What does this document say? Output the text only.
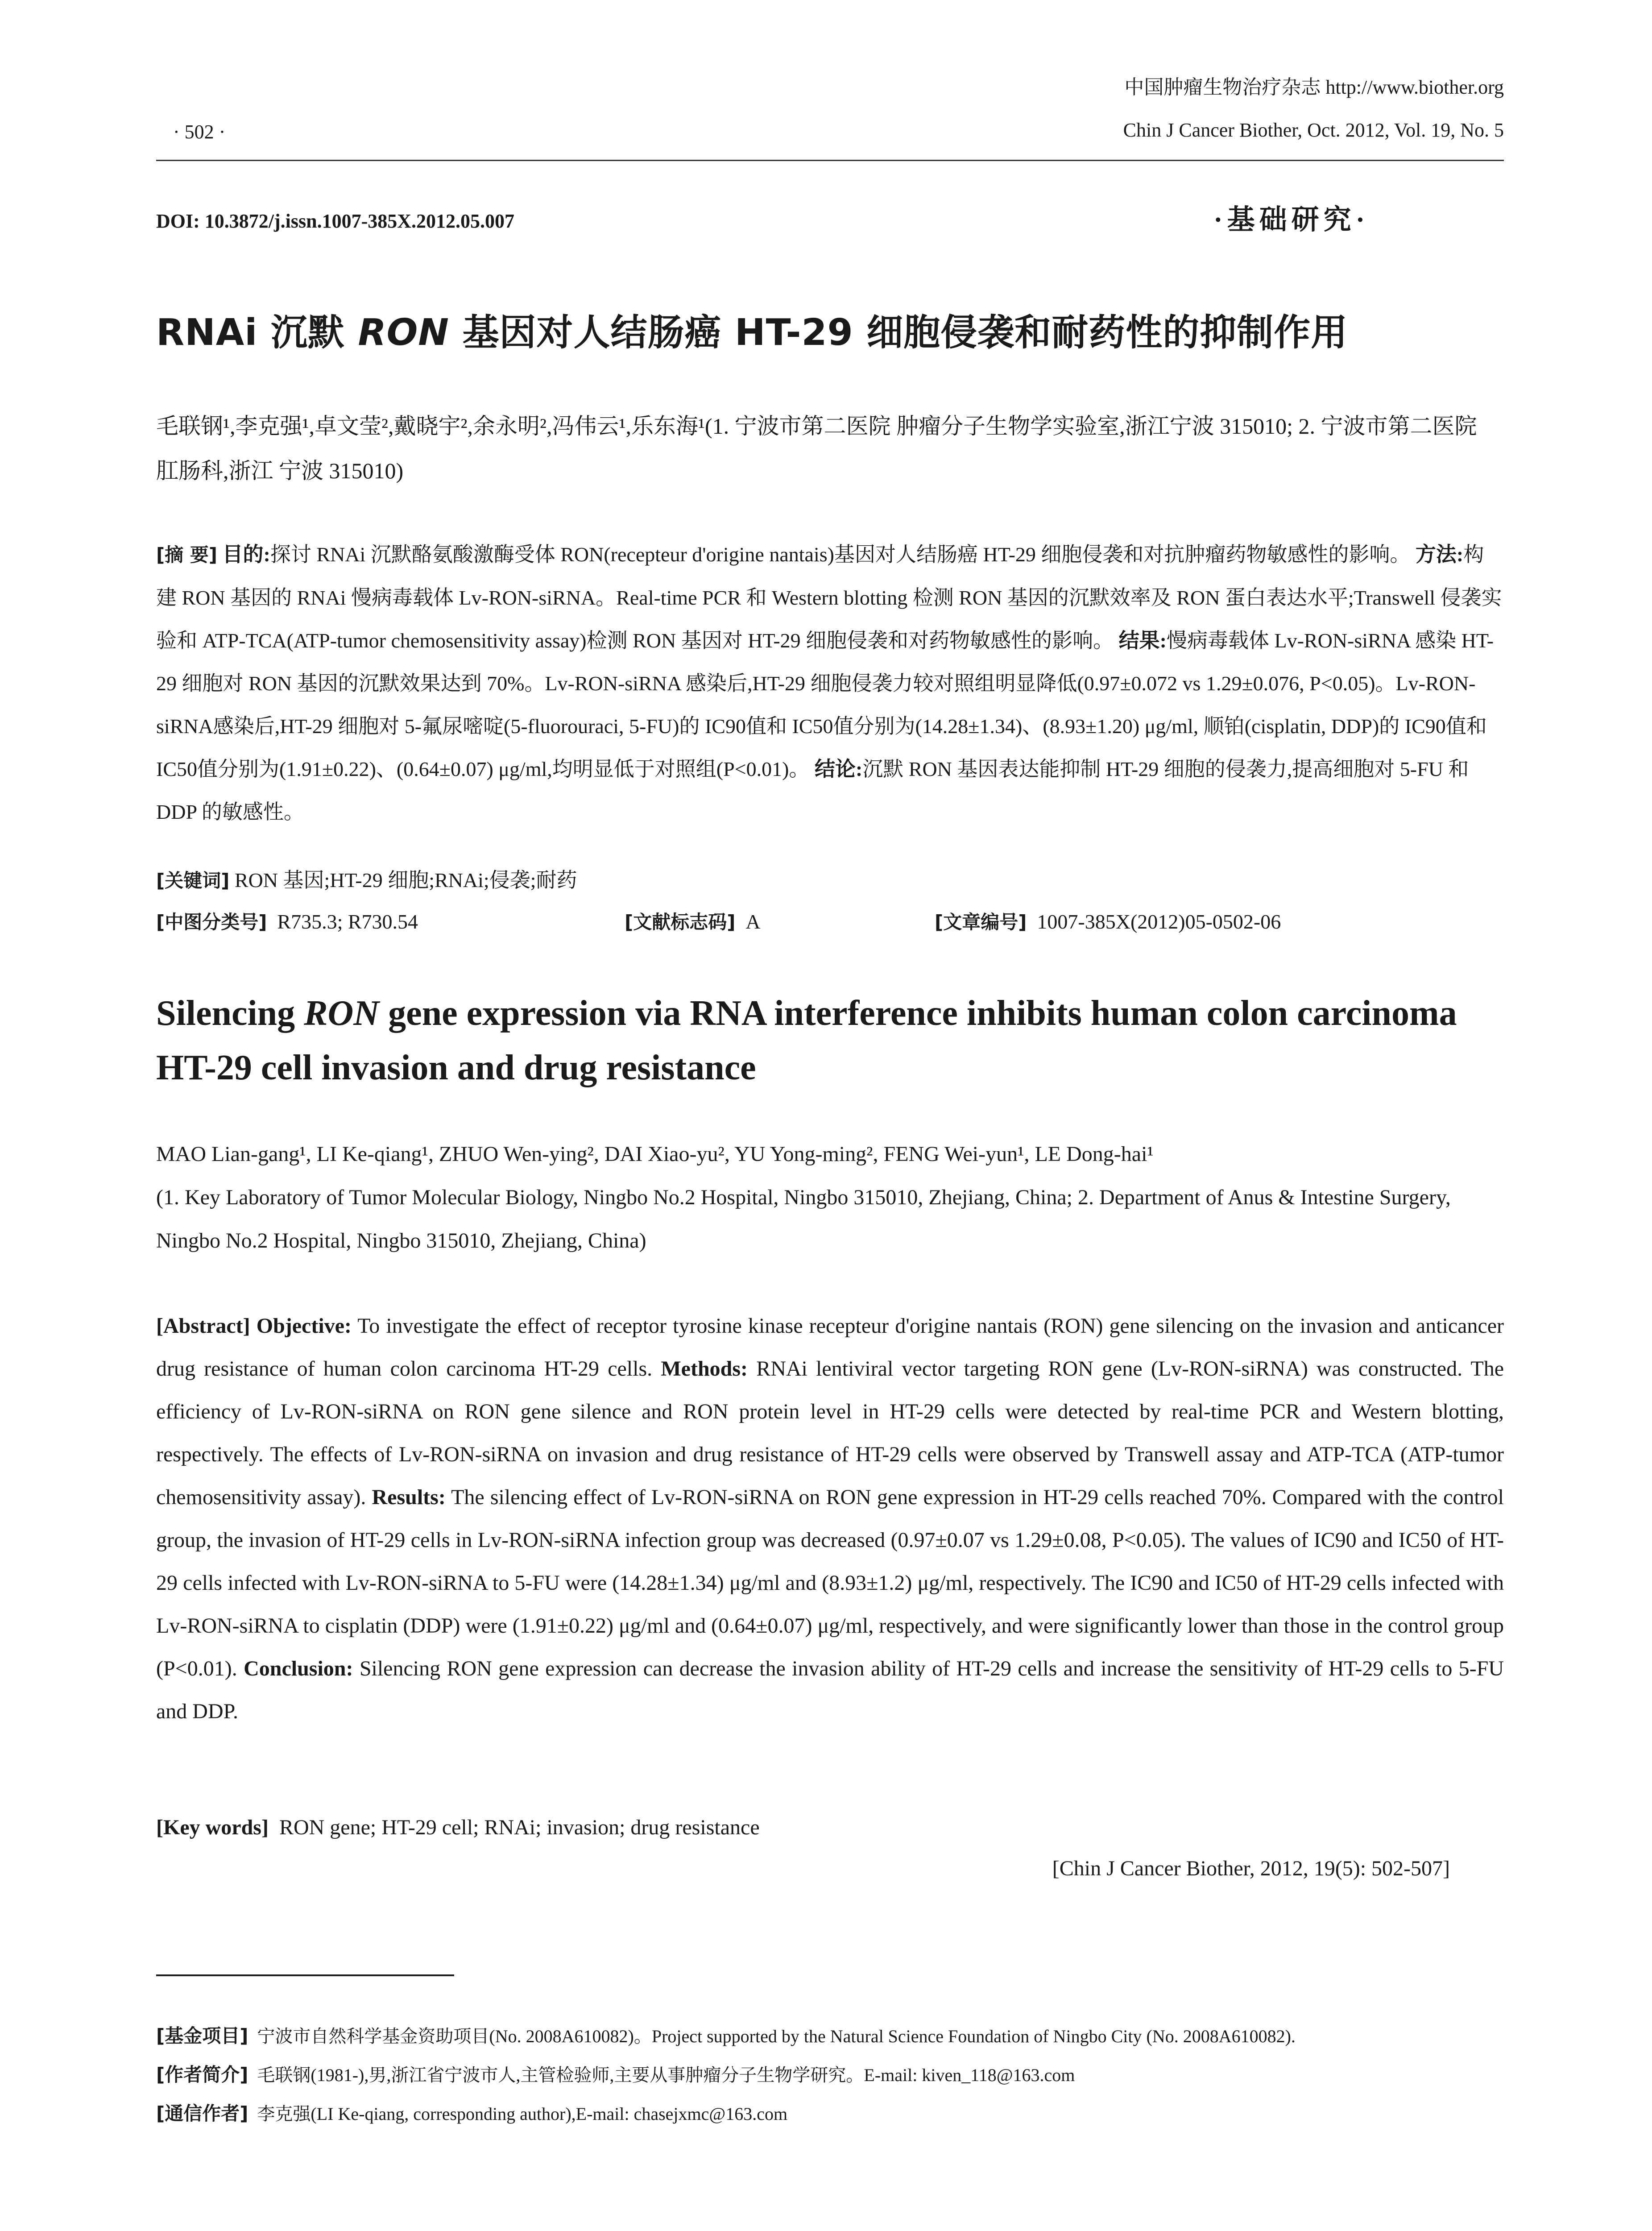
· 502 ·
中国肿瘤生物治疗杂志 http://www.biother.org
Chin J Cancer Biother, Oct. 2012, Vol. 19, No. 5
DOI: 10.3872/j.issn.1007-385X.2012.05.007	·基础研究·
RNAi 沉默 RON 基因对人结肠癌 HT-29 细胞侵袭和耐药性的抑制作用
毛联钢¹,李克强¹,卓文莹²,戴晓宇²,余永明²,冯伟云¹,乐东海¹(1. 宁波市第二医院 肿瘤分子生物学实验室,浙江宁波 315010; 2. 宁波市第二医院 肛肠科,浙江 宁波 315010)
[摘 要] 目的:探讨 RNAi 沉默酪氨酸激酶受体 RON(recepteur d'origine nantais)基因对人结肠癌 HT-29 细胞侵袭和对抗肿瘤药物敏感性的影响。 方法:构建 RON 基因的 RNAi 慢病毒载体 Lv-RON-siRNA。Real-time PCR 和 Western blotting 检测 RON 基因的沉默效率及 RON 蛋白表达水平;Transwell 侵袭实验和 ATP-TCA(ATP-tumor chemosensitivity assay)检测 RON 基因对 HT-29 细胞侵袭和对药物敏感性的影响。 结果:慢病毒载体 Lv-RON-siRNA 感染 HT-29 细胞对 RON 基因的沉默效果达到 70%。Lv-RON-siRNA 感染后,HT-29 细胞侵袭力较对照组明显降低(0.97±0.072 vs 1.29±0.076, P<0.05)。Lv-RON-siRNA感染后,HT-29 细胞对 5-氟尿嘧啶(5-fluorouraci, 5-FU)的 IC90值和 IC50值分别为(14.28±1.34)、(8.93±1.20) μg/ml, 顺铂(cisplatin, DDP)的 IC90值和 IC50值分别为(1.91±0.22)、(0.64±0.07) μg/ml,均明显低于对照组(P<0.01)。 结论:沉默 RON 基因表达能抑制 HT-29 细胞的侵袭力,提高细胞对 5-FU 和 DDP 的敏感性。
[关键词] RON 基因;HT-29 细胞;RNAi;侵袭;耐药
[中图分类号] R735.3; R730.54	[文献标志码] A	[文章编号] 1007-385X(2012)05-0502-06
Silencing RON gene expression via RNA interference inhibits human colon carcinoma HT-29 cell invasion and drug resistance

MAO Lian-gang¹, LI Ke-qiang¹, ZHUO Wen-ying², DAI Xiao-yu², YU Yong-ming², FENG Wei-yun¹, LE Dong-hai¹

(1. Key Laboratory of Tumor Molecular Biology, Ningbo No.2 Hospital, Ningbo 315010, Zhejiang, China; 2. Department of Anus & Intestine Surgery, Ningbo No.2 Hospital, Ningbo 315010, Zhejiang, China)

[Abstract] Objective: To investigate the effect of receptor tyrosine kinase recepteur d'origine nantais (RON) gene silencing on the invasion and anticancer drug resistance of human colon carcinoma HT-29 cells. Methods: RNAi lentiviral vector targeting RON gene (Lv-RON-siRNA) was constructed. The efficiency of Lv-RON-siRNA on RON gene silence and RON protein level in HT-29 cells were detected by real-time PCR and Western blotting, respectively. The effects of Lv-RON-siRNA on invasion and drug resistance of HT-29 cells were observed by Transwell assay and ATP-TCA (ATP-tumor chemosensitivity assay). Results: The silencing effect of Lv-RON-siRNA on RON gene expression in HT-29 cells reached 70%. Compared with the control group, the invasion of HT-29 cells in Lv-RON-siRNA infection group was decreased (0.97±0.07 vs 1.29±0.08, P<0.05). The values of IC90 and IC50 of HT-29 cells infected with Lv-RON-siRNA to 5-FU were (14.28±1.34) μg/ml and (8.93±1.2) μg/ml, respectively. The IC90 and IC50 of HT-29 cells infected with Lv-RON-siRNA to cisplatin (DDP) were (1.91±0.22) μg/ml and (0.64±0.07) μg/ml, respectively, and were significantly lower than those in the control group (P<0.01). Conclusion: Silencing RON gene expression can decrease the invasion ability of HT-29 cells and increase the sensitivity of HT-29 cells to 5-FU and DDP.
[Key words] RON gene; HT-29 cell; RNAi; invasion; drug resistance
[Chin J Cancer Biother, 2012, 19(5): 502-507]

[基金项目] 宁波市自然科学基金资助项目(No. 2008A610082)。Project supported by the Natural Science Foundation of Ningbo City (No. 2008A610082).

[作者简介] 毛联钢(1981-),男,浙江省宁波市人,主管检验师,主要从事肿瘤分子生物学研究。E-mail: kiven_118@163.com

[通信作者] 李克强(LI Ke-qiang, corresponding author),E-mail: chasejxmc@163.com
